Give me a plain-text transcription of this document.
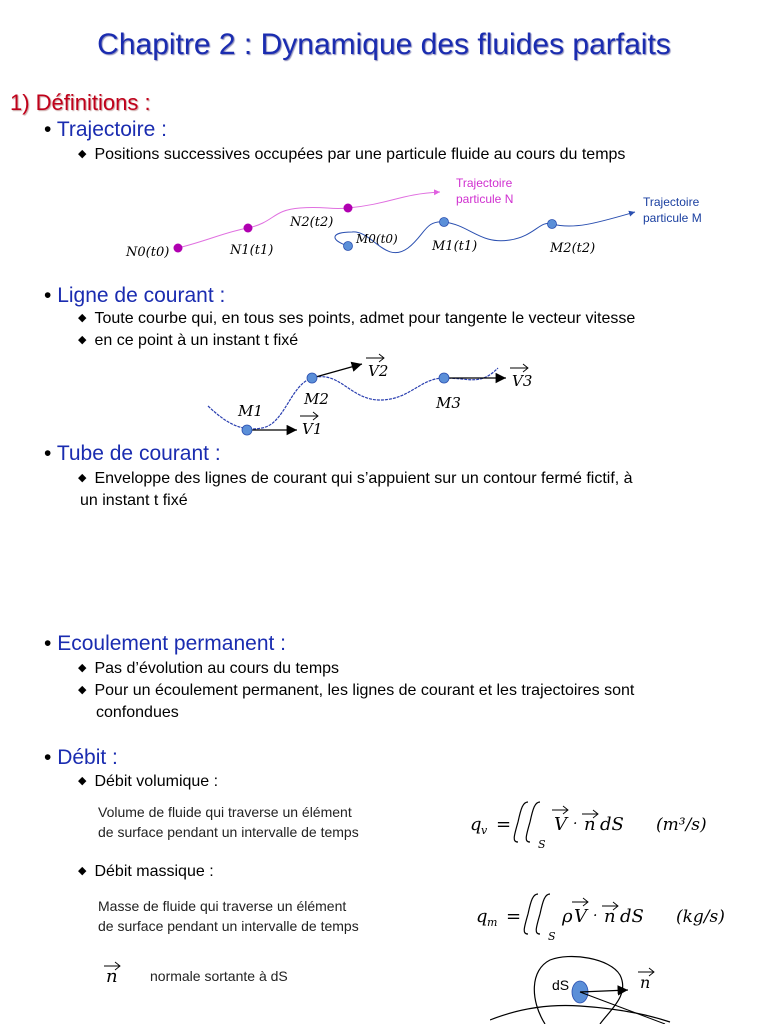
Chapitre 2 : Dynamique des fluides parfaits
1) Définitions :
• Trajectoire :
◆ Positions successives occupées par une particule fluide au cours du temps
N0(t0)	N1(t1)
N2(t2)
M0(t0)	M1(t1)	M2(t2)
Trajectoire
particule N	Trajectoire
particule M
• Ligne de courant :
◆ Toute courbe qui, en tous ses points, admet pour tangente le vecteur vitesse
◆ en ce point à un instant t fixé
M1
M2	M3
V1
V2
V3
• Tube de courant :
◆ Enveloppe des lignes de courant qui s’appuient sur un contour fermé fictif, à
un instant t fixé
• Ecoulement permanent :
◆ Pas d’évolution au cours du temps
◆ Pour un écoulement permanent, les lignes de courant et les trajectoires sont
confondues
• Débit :
◆ Débit volumique :
Volume de fluide qui traverse un élément
de surface pendant un intervalle de temps	q v =
S
V · n dS (m³/s)
◆ Débit massique :
Masse de fluide qui traverse un élément
de surface pendant un intervalle de temps	q m =
S
ρ V · n dS (kg/s)
n normale sortante à dS
dS	n
